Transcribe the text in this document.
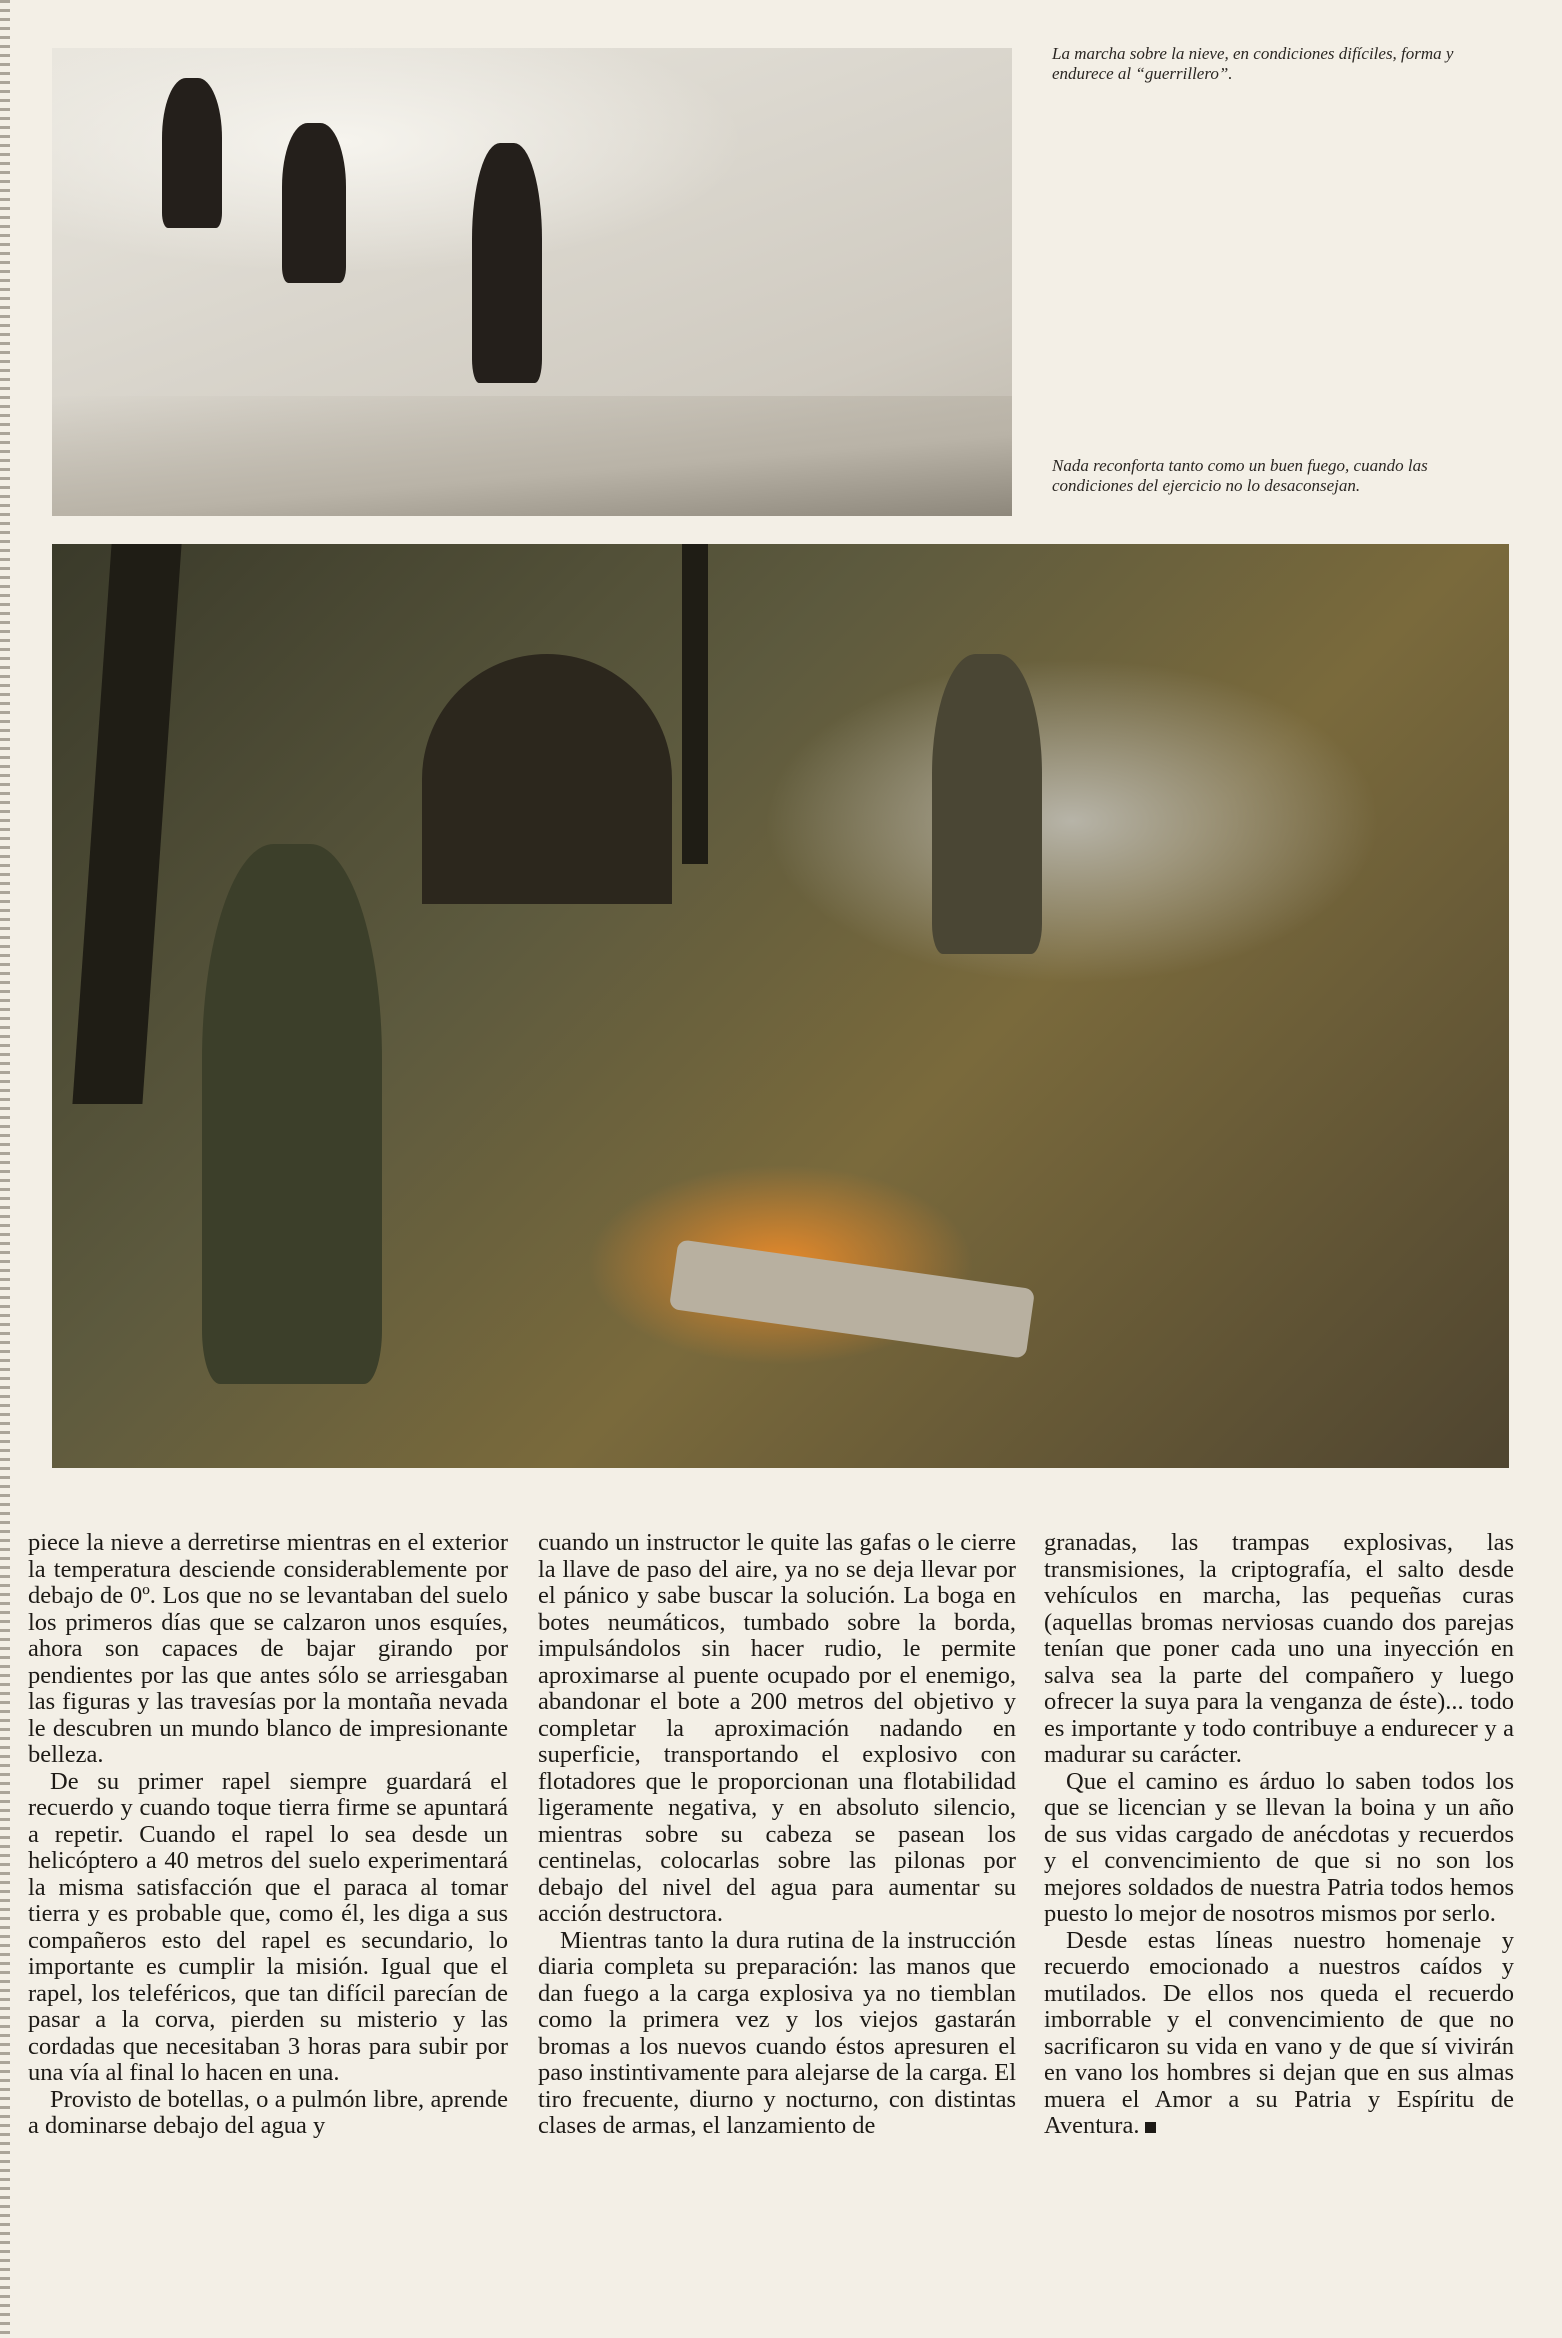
La marcha sobre la nieve, en condiciones difíciles, forma y endurece al “guerrillero”.

Nada reconforta tanto como un buen fuego, cuando las condiciones del ejercicio no lo desaconsejan.

piece la nieve a derretirse mientras en el exterior la temperatura desciende considerablemente por debajo de 0º. Los que no se levantaban del suelo los primeros días que se calzaron unos esquíes, ahora son capaces de bajar girando por pendientes por las que antes sólo se arriesgaban las figuras y las travesías por la montaña nevada le descubren un mundo blanco de impresionante belleza.

De su primer rapel siempre guardará el recuerdo y cuando toque tierra firme se apuntará a repetir. Cuando el rapel lo sea desde un helicóptero a 40 metros del suelo experimentará la misma satisfacción que el paraca al tomar tierra y es probable que, como él, les diga a sus compañeros esto del rapel es secundario, lo importante es cumplir la misión. Igual que el rapel, los teleféricos, que tan difícil parecían de pasar a la corva, pierden su misterio y las cordadas que necesitaban 3 horas para subir por una vía al final lo hacen en una.

Provisto de botellas, o a pulmón libre, aprende a dominarse debajo del agua y

cuando un instructor le quite las gafas o le cierre la llave de paso del aire, ya no se deja llevar por el pánico y sabe buscar la solución. La boga en botes neumáticos, tumbado sobre la borda, impulsándolos sin hacer rudio, le permite aproximarse al puente ocupado por el enemigo, abandonar el bote a 200 metros del objetivo y completar la aproximación nadando en superficie, transportando el explosivo con flotadores que le proporcionan una flotabilidad ligeramente negativa, y en absoluto silencio, mientras sobre su cabeza se pasean los centinelas, colocarlas sobre las pilonas por debajo del nivel del agua para aumentar su acción destructora.

Mientras tanto la dura rutina de la instrucción diaria completa su preparación: las manos que dan fuego a la carga explosiva ya no tiemblan como la primera vez y los viejos gastarán bromas a los nuevos cuando éstos apresuren el paso instintivamente para alejarse de la carga. El tiro frecuente, diurno y nocturno, con distintas clases de armas, el lanzamiento de

granadas, las trampas explosivas, las transmisiones, la criptografía, el salto desde vehículos en marcha, las pequeñas curas (aquellas bromas nerviosas cuando dos parejas tenían que poner cada uno una inyección en salva sea la parte del compañero y luego ofrecer la suya para la venganza de éste)... todo es importante y todo contribuye a endurecer y a madurar su carácter.

Que el camino es árduo lo saben todos los que se licencian y se llevan la boina y un año de sus vidas cargado de anécdotas y recuerdos y el convencimiento de que si no son los mejores soldados de nuestra Patria todos hemos puesto lo mejor de nosotros mismos por serlo.

Desde estas líneas nuestro homenaje y recuerdo emocionado a nuestros caídos y mutilados. De ellos nos queda el recuerdo imborrable y el convencimiento de que no sacrificaron su vida en vano y de que sí vivirán en vano los hombres si dejan que en sus almas muera el Amor a su Patria y Espíritu de Aventura.
